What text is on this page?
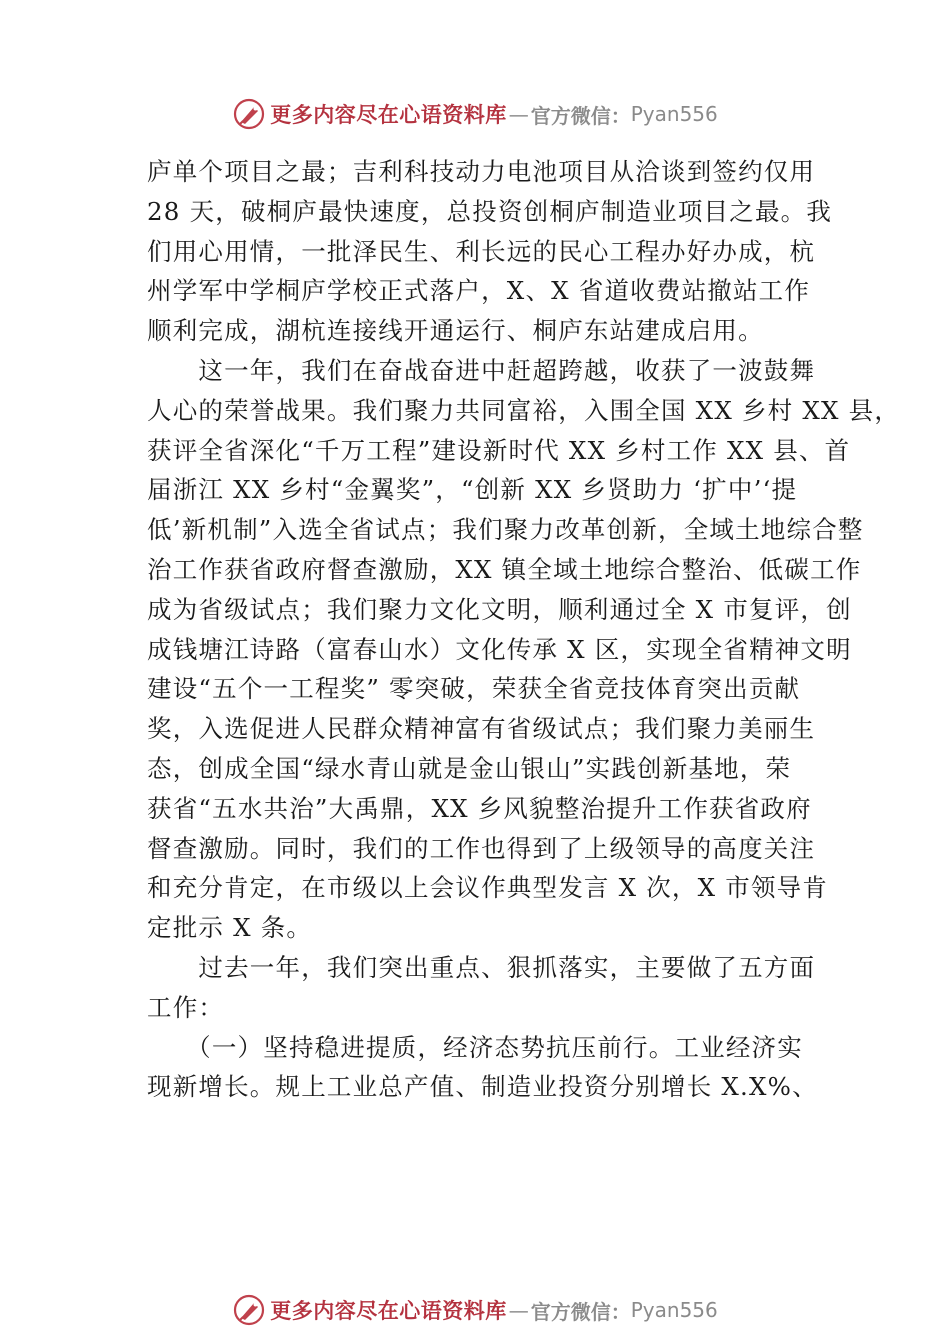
更多内容尽在心语资料库 — 官方微信： Pyan556
庐单个项目之最；吉利科技动力电池项目从洽谈到签约仅用
28 天，破桐庐最快速度，总投资创桐庐制造业项目之最。我
们用心用情，一批泽民生、利长远的民心工程办好办成，杭
州学军中学桐庐学校正式落户，X、X 省道收费站撤站工作
顺利完成，湖杭连接线开通运行、桐庐东站建成启用。
　　这一年，我们在奋战奋进中赶超跨越，收获了一波鼓舞
人心的荣誉战果。我们聚力共同富裕，入围全国 XX 乡村 XX 县，
获评全省深化“千万工程”建设新时代 XX 乡村工作 XX 县、首
届浙江 XX 乡村“金翼奖”，“创新 XX 乡贤助力 ‘扩中’‘提
低’新机制”入选全省试点；我们聚力改革创新，全域土地综合整
治工作获省政府督查激励，XX 镇全域土地综合整治、低碳工作
成为省级试点；我们聚力文化文明，顺利通过全 X 市复评，创
成钱塘江诗路（富春山水）文化传承 X 区，实现全省精神文明
建设“五个一工程奖” 零突破，荣获全省竞技体育突出贡献
奖，入选促进人民群众精神富有省级试点；我们聚力美丽生
态，创成全国“绿水青山就是金山银山”实践创新基地，荣
获省“五水共治”大禹鼎，XX 乡风貌整治提升工作获省政府
督查激励。同时，我们的工作也得到了上级领导的高度关注
和充分肯定，在市级以上会议作典型发言 X 次，X 市领导肯
定批示 X 条。
　　过去一年，我们突出重点、狠抓落实，主要做了五方面
工作：
　　（一）坚持稳进提质，经济态势抗压前行。工业经济实
现新增长。规上工业总产值、制造业投资分别增长 X.X%、
更多内容尽在心语资料库 — 官方微信： Pyan556
